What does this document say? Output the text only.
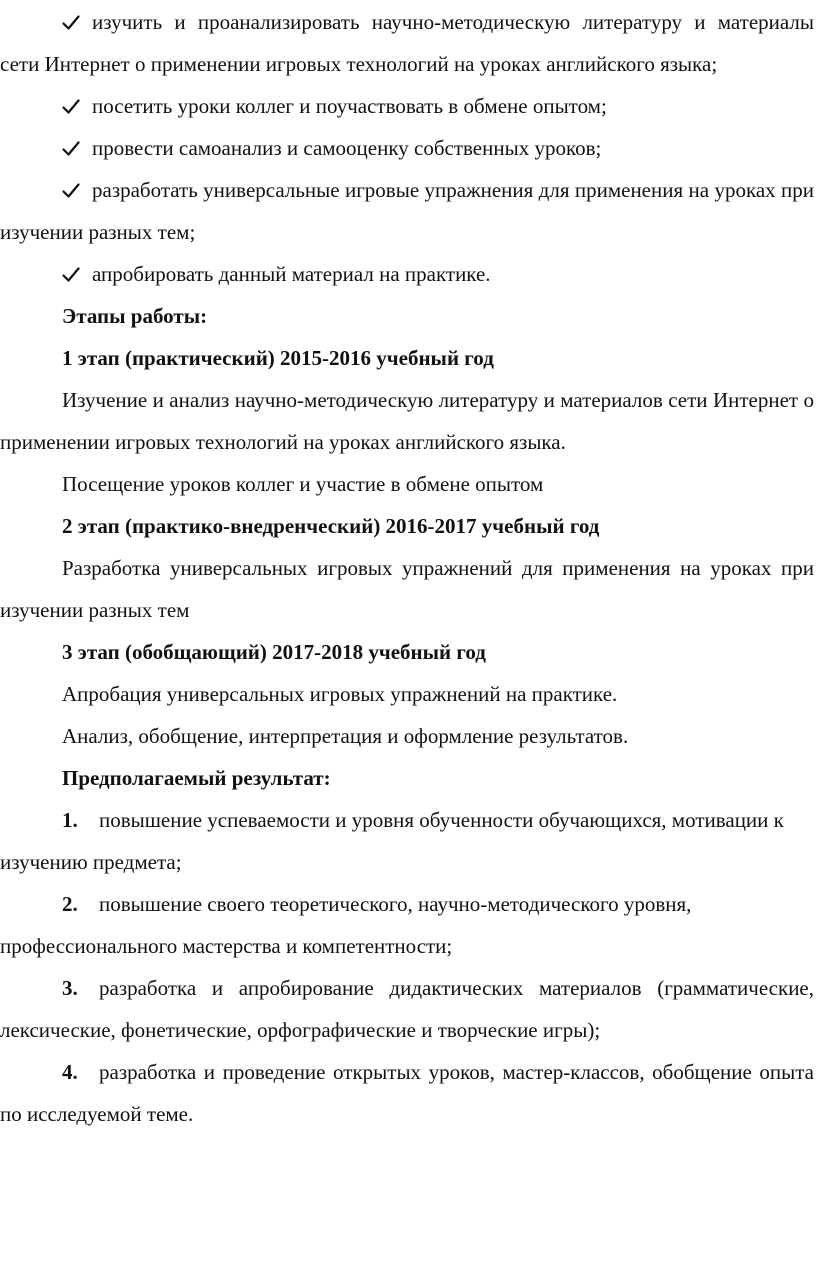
изучить и проанализировать научно-методическую литературу и материалы сети Интернет о применении игровых технологий на уроках английского языка;

посетить уроки коллег и поучаствовать в обмене опытом;

провести самоанализ и самооценку собственных уроков;

разработать универсальные игровые упражнения для применения на уроках при изучении разных тем;

апробировать данный материал на практике.

Этапы работы:

1 этап (практический) 2015-2016 учебный год

Изучение и анализ научно-методическую литературу и материалов сети Интернет о применении игровых технологий на уроках английского языка.

Посещение уроков коллег и участие в обмене опытом

2 этап (практико-внедренческий) 2016-2017 учебный год

Разработка универсальных игровых упражнений для применения на уроках при изучении разных тем

3 этап (обобщающий) 2017-2018 учебный год

Апробация универсальных игровых упражнений на практике.

Анализ, обобщение, интерпретация и оформление результатов.

Предполагаемый результат:

1. повышение успеваемости и уровня обученности обучающихся, мотивации к изучению предмета;

2. повышение своего теоретического, научно-методического уровня, профессионального мастерства и компетентности;

3. разработка и апробирование дидактических материалов (грамматические, лексические, фонетические, орфографические и творческие игры);

4. разработка и проведение открытых уроков, мастер-классов, обобщение опыта по исследуемой теме.
